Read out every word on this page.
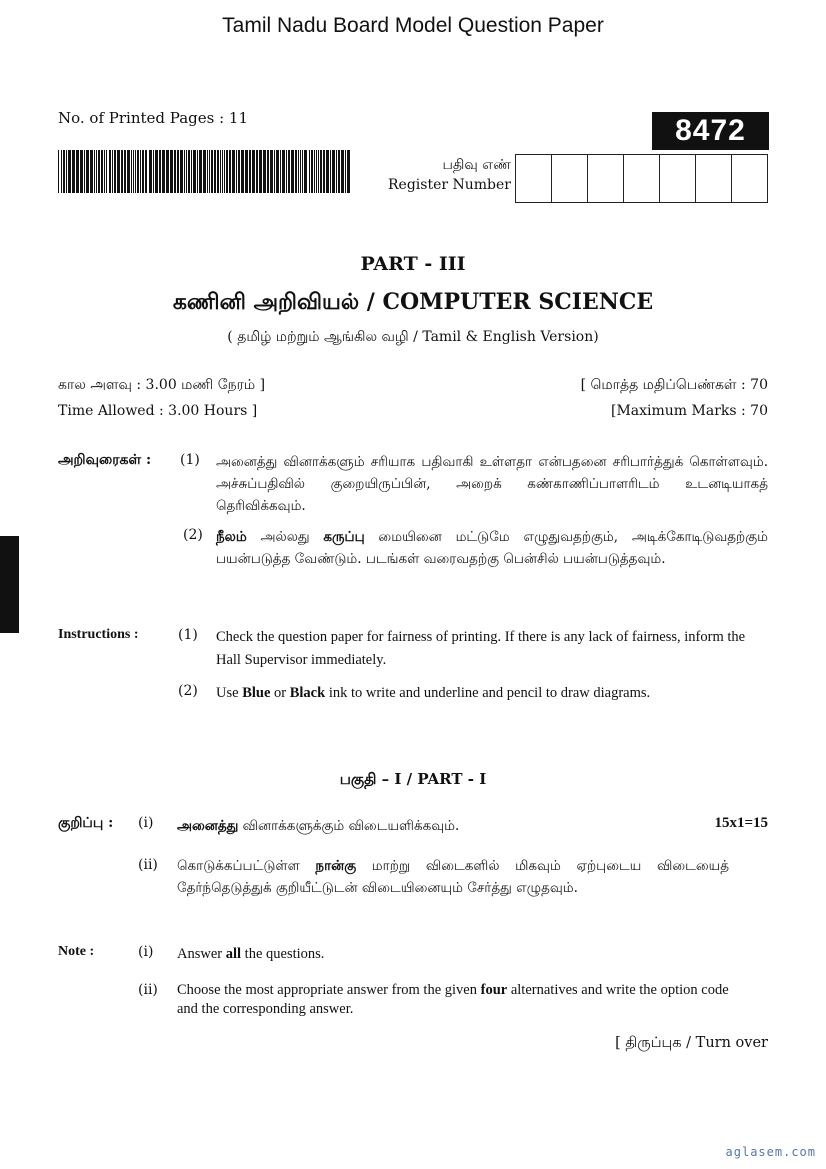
Tamil Nadu Board Model Question Paper
No. of Printed Pages : 11	8472
பதிவு எண்
Register Number
PART - III
கணினி அறிவியல் / COMPUTER SCIENCE
( தமிழ் மற்றும் ஆங்கில வழி / Tamil & English Version)
கால அளவு : 3.00 மணி நேரம் ]
Time Allowed : 3.00 Hours ]
[ மொத்த மதிப்பெண்கள் : 70
[Maximum Marks : 70
அறிவுரைகள் : (1) அனைத்து வினாக்களும் சரியாக பதிவாகி உள்ளதா என்பதனை சரிபார்த்துக் கொள்ளவும். அச்சுப்பதிவில் குறையிருப்பின், அறைக் கண்காணிப்பாளரிடம் உடனடியாகத் தெரிவிக்கவும்.
(2) நீலம் அல்லது கருப்பு மையினை மட்டுமே எழுதுவதற்கும், அடிக்கோடிடுவதற்கும் பயன்படுத்த வேண்டும். படங்கள் வரைவதற்கு பென்சில் பயன்படுத்தவும்.
Instructions :	(1) Check the question paper for fairness of printing. If there is any lack of fairness, inform the Hall Supervisor immediately.
(2) Use Blue or Black ink to write and underline and pencil to draw diagrams.
பகுதி – I / PART - I
குறிப்பு : (i) அனைத்து வினாக்களுக்கும் விடையளிக்கவும்.	15x1=15
(ii) கொடுக்கப்பட்டுள்ள நான்கு மாற்று விடைகளில் மிகவும் ஏற்புடைய விடையைத் தேர்ந்தெடுத்துக் குறியீட்டுடன் விடையினையும் சேர்த்து எழுதவும்.
Note :	(i) Answer all the questions.
(ii) Choose the most appropriate answer from the given four alternatives and write the option code and the corresponding answer.
[ திருப்புக / Turn over
aglasem.com
